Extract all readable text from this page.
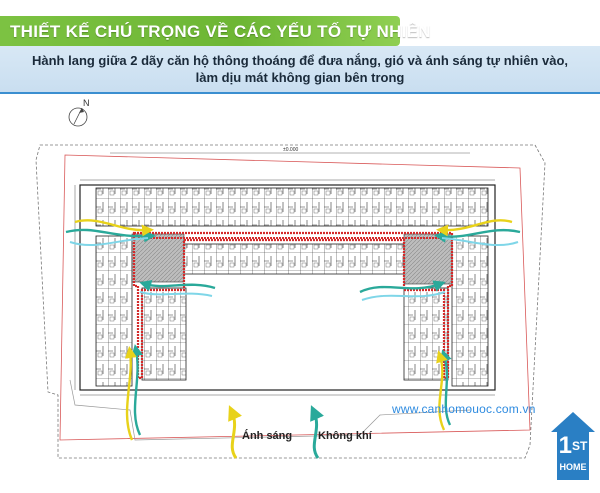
THIẾT KẾ CHÚ TRỌNG VỀ CÁC YẾU TỐ TỰ NHIÊN
Hành lang giữa 2 dãy căn hộ thông thoáng để đưa nắng, gió và ánh sáng tự nhiên vào,
làm dịu mát không gian bên trong
N
±0.000
www.canhomouoc.com.vn
Ánh sáng Không khí	1ST
HOME
